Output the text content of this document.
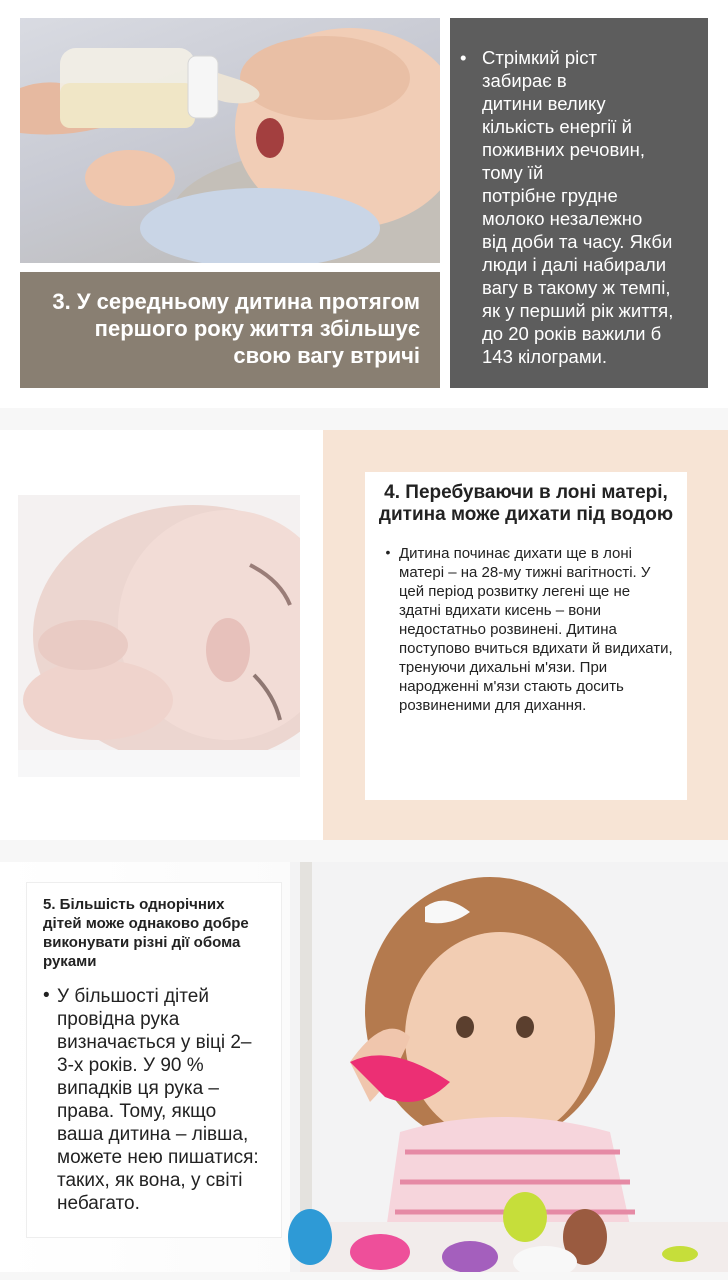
3. У середньому дитина протягом першого року життя збільшує свою вагу втричі
• Стрімкий ріст
забирає в
дитини велику
кількість енергії й
поживних речовин,
тому їй
потрібне грудне
молоко незалежно
від доби та часу. Якби
люди і далі набирали
вагу в такому ж темпі,
як у перший рік життя,
до 20 років важили б
143 кілограми.
4. Перебуваючи в лоні матері, дитина може дихати під водою
• Дитина починає дихати ще в лоні матері – на 28-му тижні вагітності. У цей період розвитку легені ще не здатні вдихати кисень – вони недостатньо розвинені. Дитина поступово вчиться вдихати й видихати, тренуючи дихальні м'язи. При народженні м'язи стають досить розвиненими для дихання.
5. Більшість однорічних дітей може однаково добре виконувати різні дії обома руками
• У більшості дітей провідна рука визначається у віці 2–3-х років. У 90 % випадків ця рука – права. Тому, якщо ваша дитина – лівша, можете нею пишатися: таких, як вона, у світі небагато.
